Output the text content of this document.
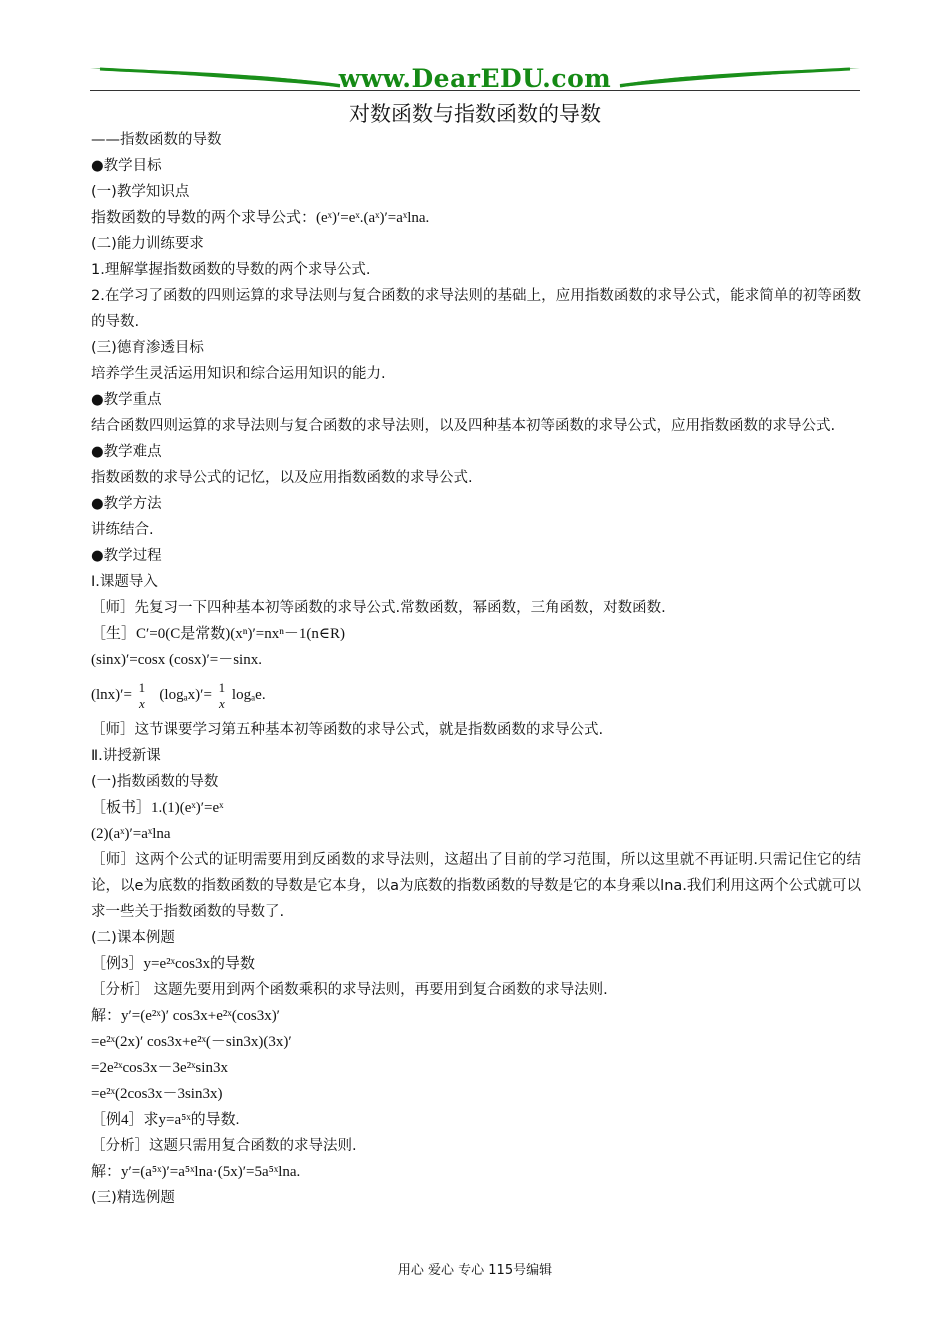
www.DearEDU.com
对数函数与指数函数的导数
——指数函数的导数
●教学目标
(一)教学知识点
指数函数的导数的两个求导公式：(eˣ)′=eˣ.(aˣ)′=aˣlna.
(二)能力训练要求
1.理解掌握指数函数的导数的两个求导公式.
2.在学习了函数的四则运算的求导法则与复合函数的求导法则的基础上，应用指数函数的求导公式，能求简单的初等函数的导数.
(三)德育渗透目标
培养学生灵活运用知识和综合运用知识的能力.
●教学重点
结合函数四则运算的求导法则与复合函数的求导法则，以及四种基本初等函数的求导公式，应用指数函数的求导公式.
●教学难点
指数函数的求导公式的记忆，以及应用指数函数的求导公式.
●教学方法
讲练结合.
●教学过程
Ⅰ.课题导入
［师］先复习一下四种基本初等函数的求导公式.常数函数，幂函数，三角函数，对数函数.
［生］C′=0(C是常数)(xⁿ)′=nxⁿ－1(n∈R)
(sinx)′=cosx (cosx)′=－sinx.
(lnx)′= 1
x
(logₐx)′= 1
x
logₐe.
［师］这节课要学习第五种基本初等函数的求导公式，就是指数函数的求导公式.
Ⅱ.讲授新课
(一)指数函数的导数
［板书］1.(1)(eˣ)′=eˣ
(2)(aˣ)′=aˣlna
［师］这两个公式的证明需要用到反函数的求导法则，这超出了目前的学习范围，所以这里就不再证明.只需记住它的结论，以e为底数的指数函数的导数是它本身，以a为底数的指数函数的导数是它的本身乘以lna.我们利用这两个公式就可以求一些关于指数函数的导数了.
(二)课本例题
［例3］y=e²ˣcos3x的导数
［分析］ 这题先要用到两个函数乘积的求导法则，再要用到复合函数的求导法则.
解：y′=(e²ˣ)′ cos3x+e²ˣ(cos3x)′
=e²ˣ(2x)′ cos3x+e²ˣ(－sin3x)(3x)′
=2e²ˣcos3x－3e²ˣsin3x
=e²ˣ(2cos3x－3sin3x)
［例4］求y=a⁵ˣ的导数.
［分析］这题只需用复合函数的求导法则.
解：y′=(a⁵ˣ)′=a⁵ˣlna·(5x)′=5a⁵ˣlna.
(三)精选例题
用心 爱心 专心 115号编辑
